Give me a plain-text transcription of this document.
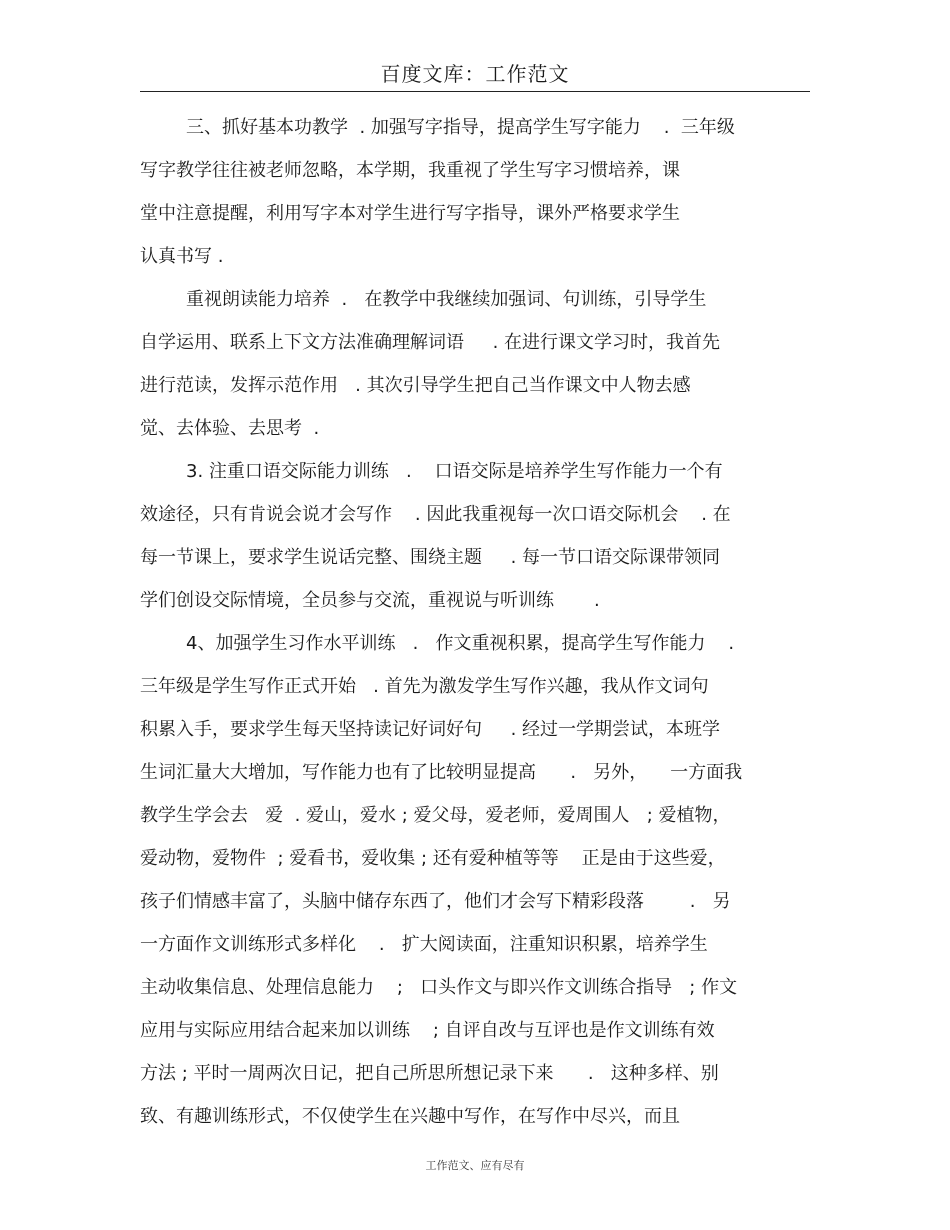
百度文库：工作范文
三、抓好基本功教学  . 加强写字指导，提高学生写字能力    .  三年级
写字教学往往被老师忽略，本学期，我重视了学生写字习惯培养，课
堂中注意提醒，利用写字本对学生进行写字指导，课外严格要求学生
认真书写 .
重视朗读能力培养  .   在教学中我继续加强词、句训练，引导学生
自学运用、联系上下文方法准确理解词语     . 在进行课文学习时，我首先
进行范读，发挥示范作用   . 其次引导学生把自己当作课文中人物去感
觉、去体验、去思考  .
3. 注重口语交际能力训练   .    口语交际是培养学生写作能力一个有
效途径，只有肯说会说才会写作    . 因此我重视每一次口语交际机会    . 在
每一节课上，要求学生说话完整、围绕主题     . 每一节口语交际课带领同
学们创设交际情境，全员参与交流，重视说与听训练       .
4、加强学生习作水平训练   .   作文重视积累，提高学生写作能力    .
三年级是学生写作正式开始   . 首先为激发学生写作兴趣，我从作文词句
积累入手，要求学生每天坚持读记好词好句     . 经过一学期尝试，本班学
生词汇量大大增加，写作能力也有了比较明显提高      .   另外，    一方面我
教学生学会去   爱  . 爱山，爱水 ; 爱父母，爱老师，爱周围人   ; 爱植物，
爱动物，爱物件  ; 爱看书，爱收集 ; 还有爱种植等等    正是由于这些爱，
孩子们情感丰富了，头脑中储存东西了，他们才会写下精彩段落        .   另
一方面作文训练形式多样化    .   扩大阅读面，注重知识积累，培养学生
主动收集信息、处理信息能力    ;   口头作文与即兴作文训练合指导   ; 作文
应用与实际应用结合起来加以训练    ; 自评自改与互评也是作文训练有效
方法 ; 平时一周两次日记，把自己所思所想记录下来      .   这种多样、别
致、有趣训练形式，不仅使学生在兴趣中写作，在写作中尽兴，而且
工作范文、应有尽有
